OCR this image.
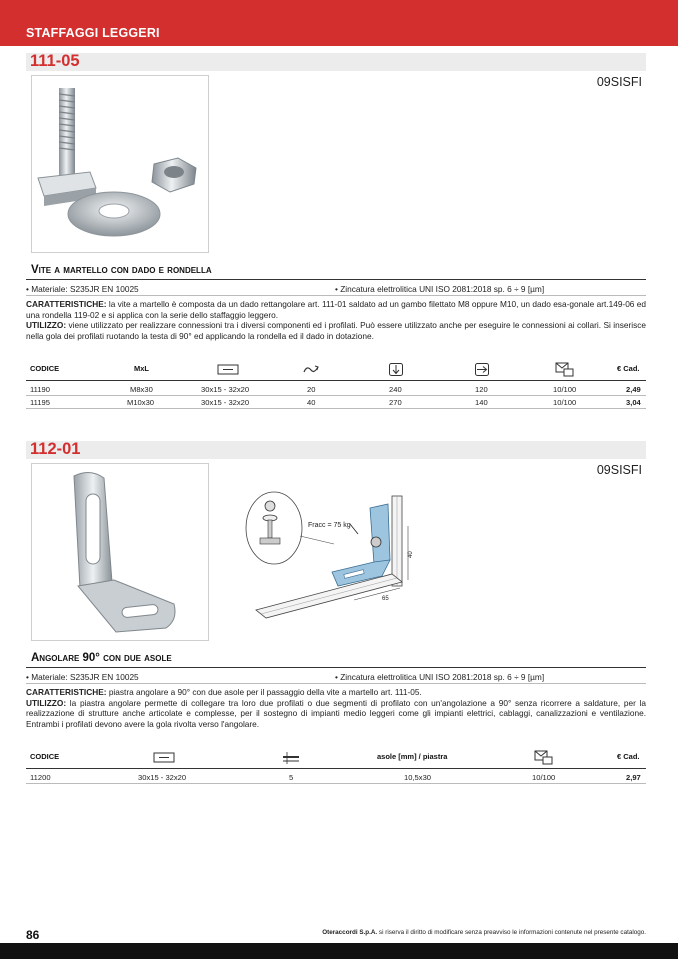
STAFFAGGI LEGGERI
111-05
09SISFI
Vite a martello con dado e rondella
• Materiale: S235JR EN 10025	• Zincatura elettrolitica UNI ISO 2081:2018 sp. 6 ÷ 9 [µm]
CARATTERISTICHE: la vite a martello è composta da un dado rettangolare art. 111-01 saldato ad un gambo filettato M8 oppure M10, un dado esa-gonale art.149-06 ed una rondella 119-02 e si applica con la serie dello staffaggio leggero.
UTILIZZO: viene utilizzato per realizzare connessioni tra i diversi componenti ed i profilati. Può essere utilizzato anche per eseguire le connessioni ai collari. Si inserisce nella gola dei profilati ruotando la testa di 90° ed applicando la rondella ed il dado in dotazione.
CODICE	MxL	€ Cad.
11190	M8x30	30x15 - 32x20	20	240	120	10/100	2,49
11195	M10x30	30x15 - 32x20	40	270	140	10/100	3,04
112-01
09SISFI
Fracc = 75 kg
40
65
Angolare 90° con due asole
• Materiale: S235JR EN 10025	• Zincatura elettrolitica UNI ISO 2081:2018 sp. 6 ÷ 9 [µm]
CARATTERISTICHE: piastra angolare a 90° con due asole per il passaggio della vite a martello art. 111-05.
UTILIZZO: la piastra angolare permette di collegare tra loro due profilati o due segmenti di profilato con un'angolazione a 90° senza ricorrere a saldature, per la realizzazione di strutture anche articolate e complesse, per il sostegno di impianti medio leggeri come gli impianti elettrici, cablaggi, canalizzazioni e ventilazione. Entrambi i profilati devono avere la gola rivolta verso l'angolare.
CODICE	asole [mm] / piastra	€ Cad.
11200	30x15 - 32x20	5	10,5x30	10/100	2,97
86	Oteraccordi S.p.A. si riserva il diritto di modificare senza preavviso le informazioni contenute nel presente catalogo.
